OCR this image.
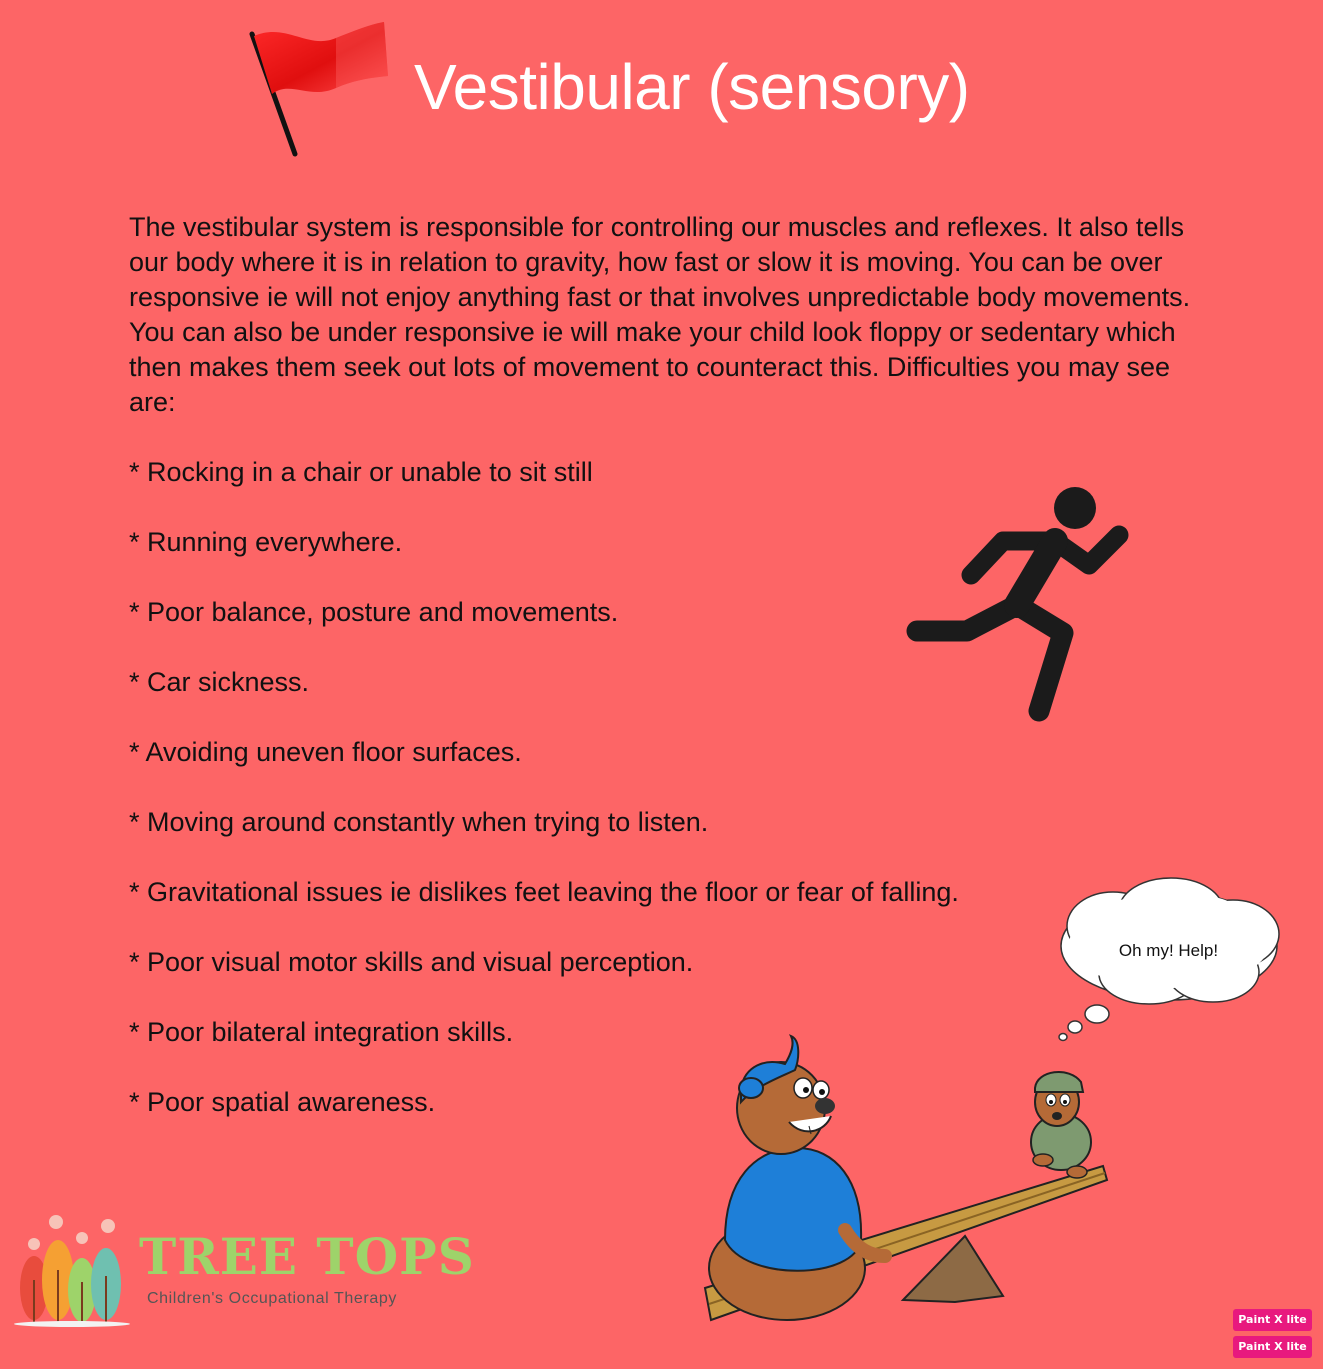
Vestibular (sensory)

The vestibular system is responsible for controlling our muscles and reflexes. It also tells our body where it is in relation to gravity, how fast or slow it is moving. You can be over responsive ie will not enjoy anything fast or that involves unpredictable body movements. You can also be under responsive ie will make your child look floppy or sedentary which then makes them seek out lots of movement to counteract this. Difficulties you may see are:

* Rocking in a chair or unable to sit still
* Running everywhere.
* Poor balance, posture and movements.
* Car sickness.
* Avoiding uneven floor surfaces.
* Moving around constantly when trying to listen.
* Gravitational issues ie dislikes feet leaving the floor or fear of falling.
* Poor visual motor skills and visual perception.
* Poor bilateral integration skills.
* Poor spatial awareness.
Oh my! Help!
TREE TOPS
Children's Occupational Therapy
Paint X lite
Paint X lite
